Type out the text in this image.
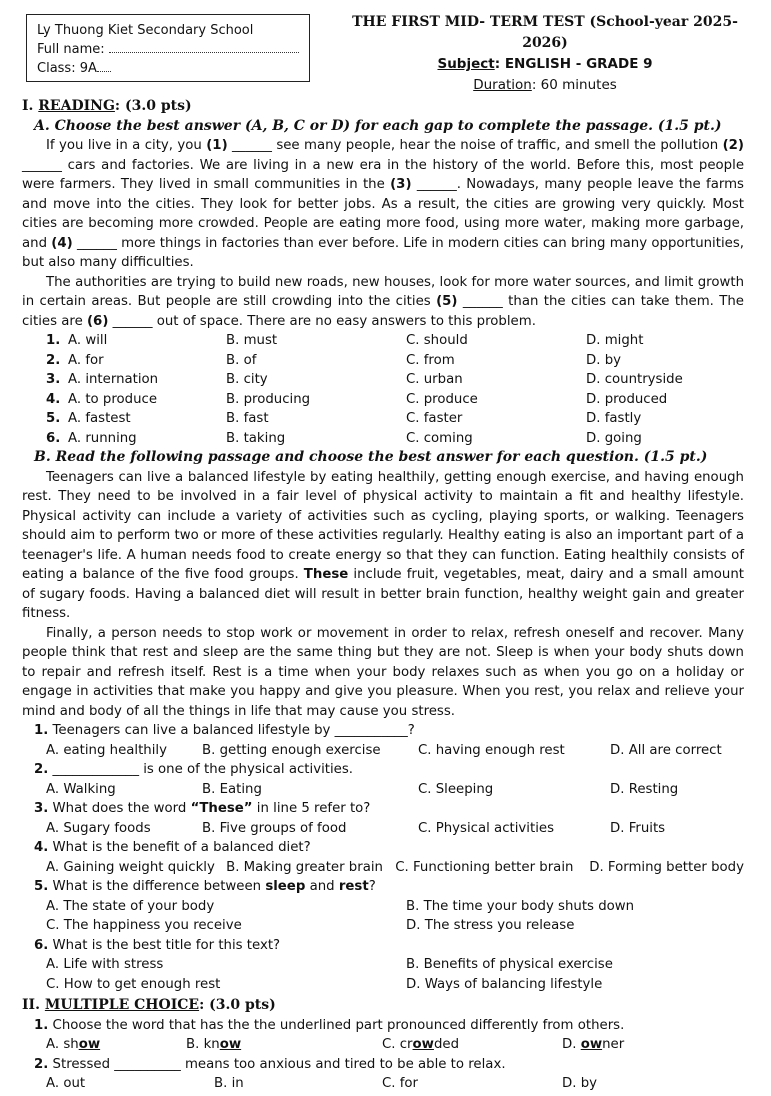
Ly Thuong Kiet Secondary School
Full name:
Class: 9A
THE FIRST MID- TERM TEST (School-year 2025-2026)
Subject: ENGLISH - GRADE 9
Duration: 60 minutes
I. READING: (3.0 pts)
A. Choose the best answer (A, B, C or D) for each gap to complete the passage. (1.5 pt.)

If you live in a city, you (1) ______ see many people, hear the noise of traffic, and smell the pollution (2) ______ cars and factories. We are living in a new era in the history of the world. Before this, most people were farmers. They lived in small communities in the (3) ______. Nowadays, many people leave the farms and move into the cities. They look for better jobs. As a result, the cities are growing very quickly. Most cities are becoming more crowded. People are eating more food, using more water, making more garbage, and (4) ______ more things in factories than ever before. Life in modern cities can bring many opportunities, but also many difficulties.

The authorities are trying to build new roads, new houses, look for more water sources, and limit growth in certain areas. But people are still crowding into the cities (5) ______ than the cities can take them. The cities are (6) ______ out of space. There are no easy answers to this problem.

1. A. will	B. must	C. should	D. might
2. A. for	B. of	C. from	D. by
3. A. internation	B. city	C. urban	D. countryside
4. A. to produce	B. producing	C. produce	D. produced
5. A. fastest	B. fast	C. faster	D. fastly
6. A. running	B. taking	C. coming	D. going
B. Read the following passage and choose the best answer for each question. (1.5 pt.)

Teenagers can live a balanced lifestyle by eating healthily, getting enough exercise, and having enough rest. They need to be involved in a fair level of physical activity to maintain a fit and healthy lifestyle. Physical activity can include a variety of activities such as cycling, playing sports, or walking. Teenagers should aim to perform two or more of these activities regularly. Healthy eating is also an important part of a teenager's life. A human needs food to create energy so that they can function. Eating healthily consists of eating a balance of the five food groups. These include fruit, vegetables, meat, dairy and a small amount of sugary foods. Having a balanced diet will result in better brain function, healthy weight gain and greater fitness.

Finally, a person needs to stop work or movement in order to relax, refresh oneself and recover. Many people think that rest and sleep are the same thing but they are not. Sleep is when your body shuts down to repair and refresh itself. Rest is a time when your body relaxes such as when you go on a holiday or engage in activities that make you happy and give you pleasure. When you rest, you relax and relieve your mind and body of all the things in life that may cause you stress.

1. Teenagers can live a balanced lifestyle by ___________?
A. eating healthily	B. getting enough exercise	C. having enough rest	D. All are correct
2. _____________ is one of the physical activities.
A. Walking	B. Eating	C. Sleeping	D. Resting
3. What does the word “These” in line 5 refer to?
A. Sugary foods	B. Five groups of food	C. Physical activities	D. Fruits
4. What is the benefit of a balanced diet?
A. Gaining weight quickly B. Making greater brain C. Functioning better brain	D. Forming better body
5. What is the difference between sleep and rest?
A. The state of your body	B. The time your body shuts down
C. The happiness you receive	D. The stress you release
6. What is the best title for this text?
A. Life with stress	B. Benefits of physical exercise
C. How to get enough rest	D. Ways of balancing lifestyle
II. MULTIPLE CHOICE: (3.0 pts)
1. Choose the word that has the the underlined part pronounced differently from others.
A. show	B. know	C. crowded	D. owner
2. Stressed __________ means too anxious and tired to be able to relax.
A. out	B. in	C. for	D. by
